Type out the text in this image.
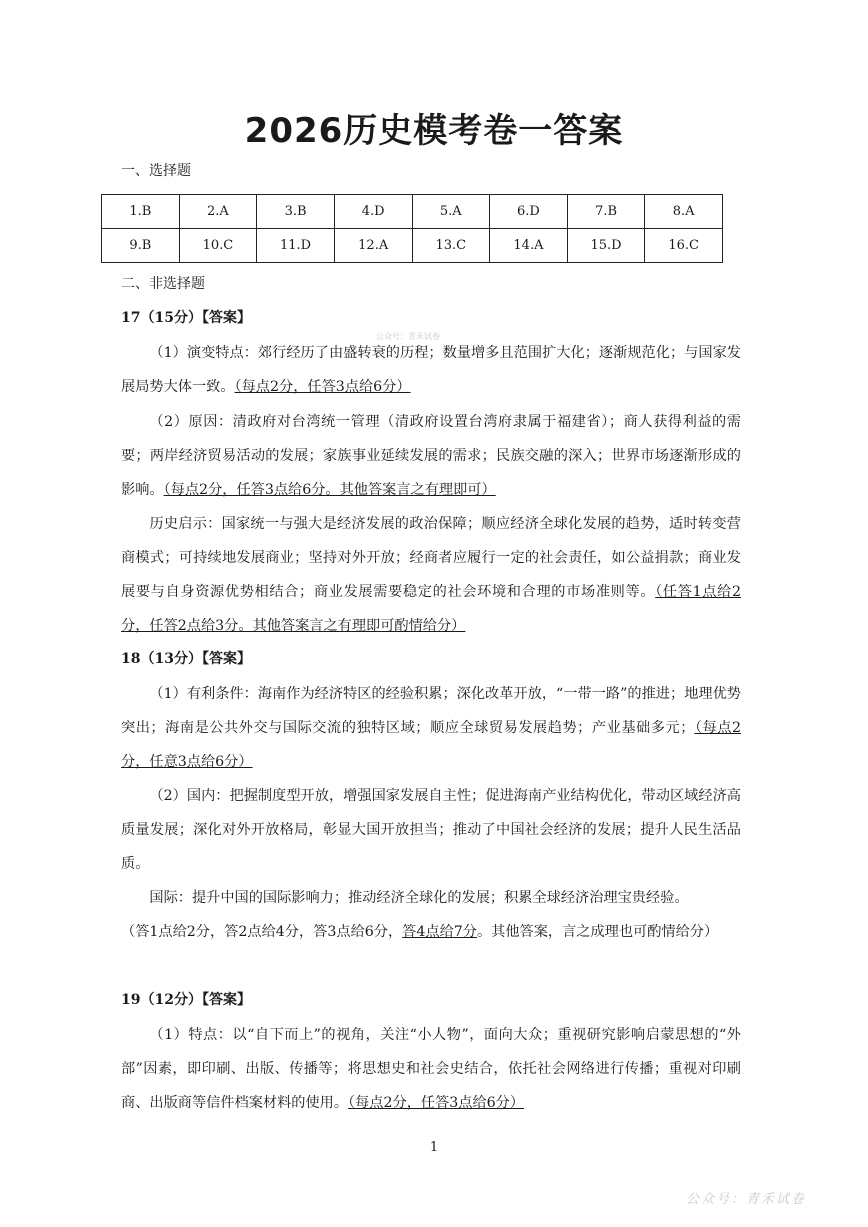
2026历史模考卷一答案

一、选择题

1.B	2.A	3.B	4.D	5.A	6.D	7.B	8.A
9.B	10.C	11.D	12.A	13.C	14.A	15.D	16.C

二、非选择题

公众号：青禾试卷

17（15分）【答案】

（1）演变特点：郊行经历了由盛转衰的历程；数量增多且范围扩大化；逐渐规范化；与国家发展局势大体一致。（每点2分，任答3点给6分）

（2）原因：清政府对台湾统一管理（清政府设置台湾府隶属于福建省）；商人获得利益的需要；两岸经济贸易活动的发展；家族事业延续发展的需求；民族交融的深入；世界市场逐渐形成的影响。（每点2分，任答3点给6分。其他答案言之有理即可）

历史启示：国家统一与强大是经济发展的政治保障；顺应经济全球化发展的趋势，适时转变营商模式；可持续地发展商业；坚持对外开放；经商者应履行一定的社会责任，如公益捐款；商业发展要与自身资源优势相结合；商业发展需要稳定的社会环境和合理的市场准则等。（任答1点给2分，任答2点给3分。其他答案言之有理即可酌情给分）

18（13分）【答案】

（1）有利条件：海南作为经济特区的经验积累；深化改革开放，“一带一路”的推进；地理优势突出；海南是公共外交与国际交流的独特区域；顺应全球贸易发展趋势；产业基础多元；（每点2分，任意3点给6分）

（2）国内：把握制度型开放，增强国家发展自主性；促进海南产业结构优化，带动区域经济高质量发展；深化对外开放格局，彰显大国开放担当；推动了中国社会经济的发展；提升人民生活品质。

国际：提升中国的国际影响力；推动经济全球化的发展；积累全球经济治理宝贵经验。

（答1点给2分，答2点给4分，答3点给6分，答4点给7分。其他答案，言之成理也可酌情给分）

19（12分）【答案】

（1）特点：以“自下而上”的视角，关注“小人物”，面向大众；重视研究影响启蒙思想的“外部”因素，即印刷、出版、传播等；将思想史和社会史结合，依托社会网络进行传播；重视对印刷商、出版商等信件档案材料的使用。（每点2分，任答3点给6分）

1

公众号：青禾试卷
